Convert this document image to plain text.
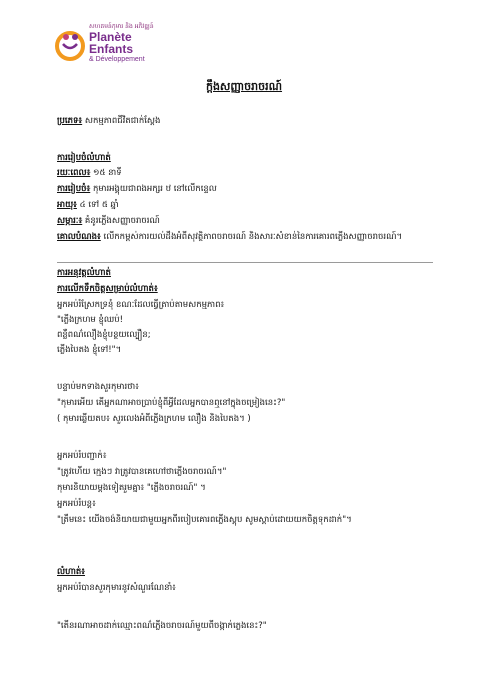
សហគមន៍កុមារ និង អភិវឌ្ឍន៍
Planète
Enfants
& Développement
ក្ដឹងសញ្ញាចរាចរណ៍
ប្រភេទ៖ សកម្មភាពជីវិតជាក់ស្ដែង
ការរៀបចំលំហាត់
រយៈពេល៖ ១៥ នាទី
ការរៀបចំ៖ កុមារអង្គុយជាពងអក្សរ ឋ នៅលើកន្ទេល
អាយុ៖ ៤ ទៅ ៥ ឆ្នាំ
សម្ភារៈ៖ គំនូរភ្លើងសញ្ញាចរាចរណ៍
គោលបំណង៖ លើកកម្ពស់ការយល់ដឹងអំពីសុវត្ថិភាពចរាចរណ៍ និងសារៈសំខាន់នៃការគោរពភ្លើងសញ្ញាចរាចរណ៍។
ការអនុវត្តលំហាត់
ការលើកទឹកចិត្តសម្រាប់លំហាត់៖
អ្នកអប់រំស្រែកទ្រនុំ ខណៈដែលធ្វើត្រាប់តាមសកម្មភាព៖
"ភ្លើងក្រហម ខ្ញុំឈប់!
ពន្លឺពណ៌លឿងខ្ញុំបន្ថយល្បឿន;
ភ្លើងបៃតង ខ្ញុំទៅ!"។
បន្ទាប់មកទាងសួរកុមារថា៖
"កុមារអើយ តើអ្នកណាអាចប្រាប់ខ្ញុំពីអ្វីដែលអ្នកបានឮនៅក្នុងចម្រៀងនេះ?"
( កុមារឆ្លើយតប៖ សួរលេងអំពីភ្លើងក្រហម លឿង និងបៃតង។ )
អ្នកអប់រំបញ្ជាក់៖
"ត្រូវហើយ ក្មេងៗ វាត្រូវបានគេហៅថាភ្លើងចរាចរណ៍។"
កុមារនិយាយម្ដងទៀតរួមគ្នា៖ "ភ្លើងចរាចរណ៍" ។
អ្នកអប់រំបន្ត៖
"ត្រឹមនេះ យើងចង់និយាយជាមួយអ្នកពីរបៀបគោរពភ្លើងស្តុប សូមស្តាប់ដោយយកចិត្តទុកដាក់"។
លំហាត់៖
អ្នកអប់រំបានសួរកុមារនូវសំណួរណែនាំ៖
"តើនរណាអាចដាក់ឈ្មោះពណ៌ភ្លើងចរាចរណ៍មួយពីចង្កាក់ភ្លេងនេះ?"
